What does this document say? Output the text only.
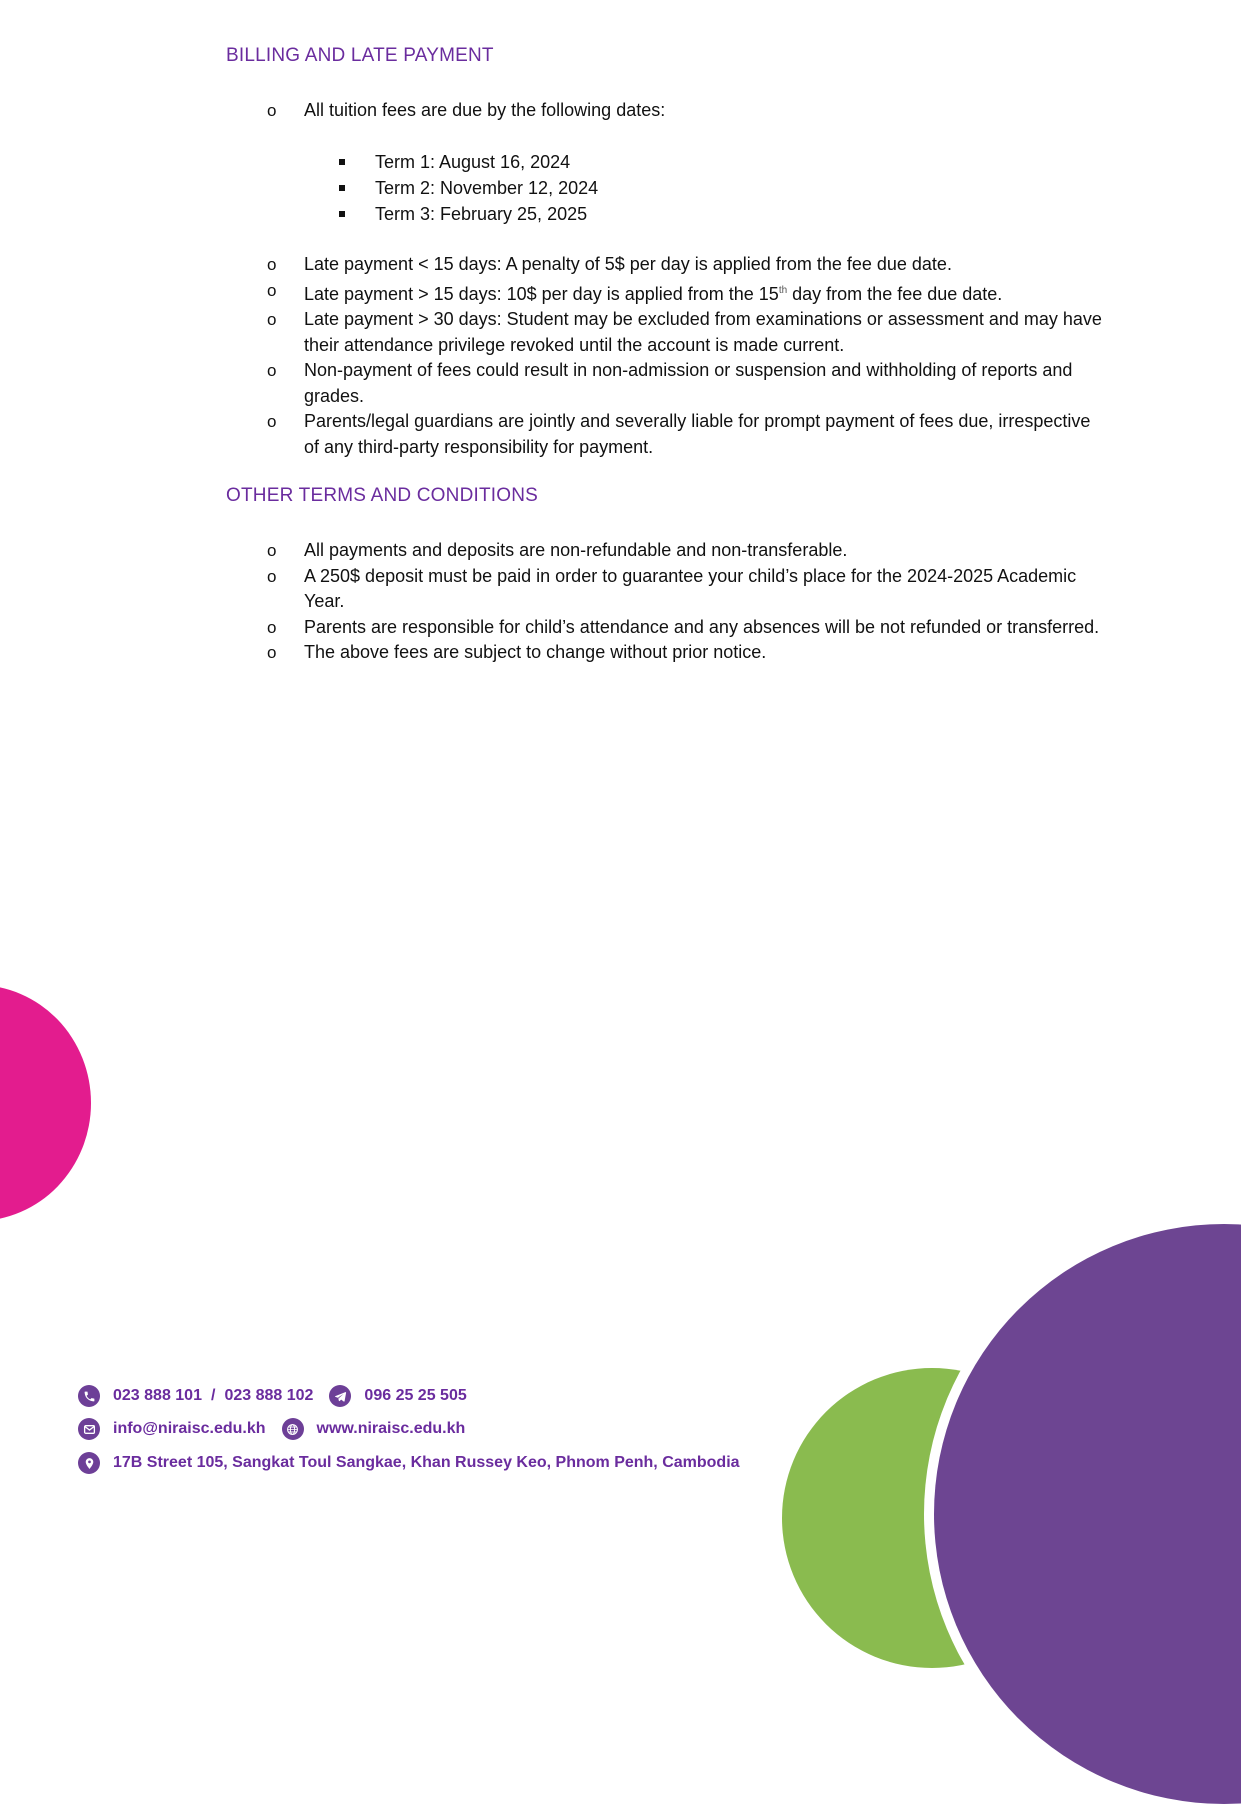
BILLING AND LATE PAYMENT
o All tuition fees are due by the following dates:
Term 1: August 16, 2024
Term 2: November 12, 2024
Term 3: February 25, 2025
o Late payment < 15 days: A penalty of 5$ per day is applied from the fee due date.
o Late payment > 15 days: 10$ per day is applied from the 15th day from the fee due date.
o Late payment > 30 days: Student may be excluded from examinations or assessment and may have their attendance privilege revoked until the account is made current.
o Non-payment of fees could result in non-admission or suspension and withholding of reports and grades.
o Parents/legal guardians are jointly and severally liable for prompt payment of fees due, irrespective of any third-party responsibility for payment.
OTHER TERMS AND CONDITIONS
o All payments and deposits are non-refundable and non-transferable.
o A 250$ deposit must be paid in order to guarantee your child’s place for the 2024-2025 Academic Year.
o Parents are responsible for child’s attendance and any absences will be not refunded or transferred.
o The above fees are subject to change without prior notice.
023 888 101 / 023 888 102	096 25 25 505
info@niraisc.edu.kh	www.niraisc.edu.kh
17B Street 105, Sangkat Toul Sangkae, Khan Russey Keo, Phnom Penh, Cambodia
